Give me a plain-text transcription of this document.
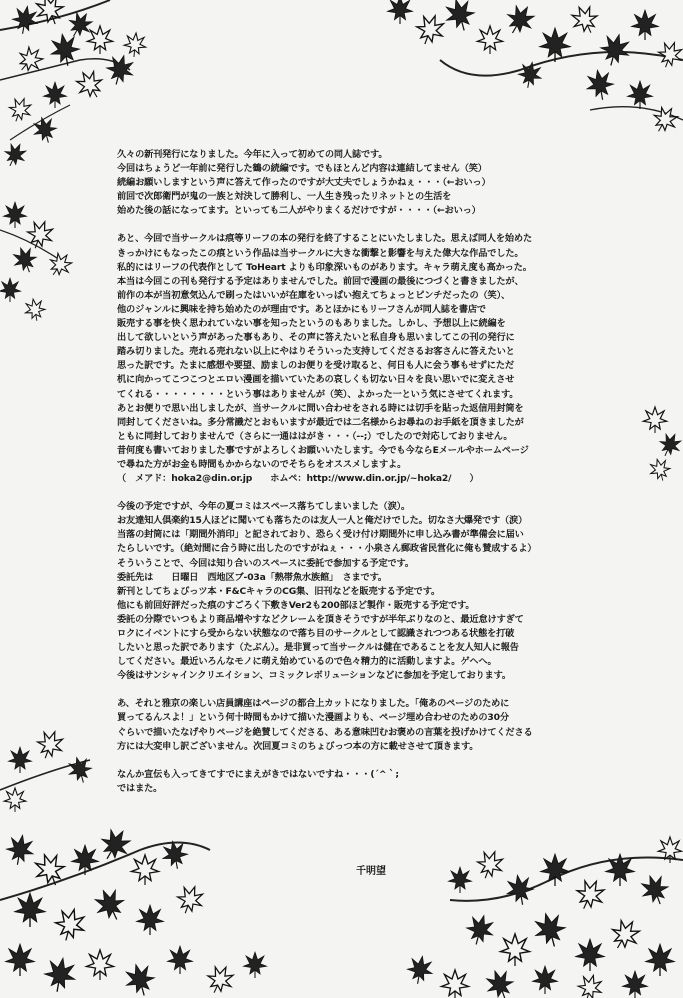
久々の新刊発行になりました。今年に入って初めての同人誌です。
今回はちょうど一年前に発行した鶴の続編です。でもほとんど内容は連結してません（笑）
続編お願いしますという声に答えて作ったのですが大丈夫でしょうかねぇ・・・（←おいっ）
前回で次郎衛門が鬼の一族と対決して勝利し、一人生き残ったリネットとの生活を
始めた後の話になってます。といっても二人がやりまくるだけですが・・・・（←おいっ）
あと、今回で当サークルは痕等リーフの本の発行を終了することにいたしました。思えば同人を始めた
きっかけにもなったこの痕という作品は当サークルに大きな衝撃と影響を与えた偉大な作品でした。
私的にはリーフの代表作として ToHeart よりも印象深いものがあります。キャラ萌え度も高かった。
本当は今回この刊も発行する予定はありませんでした。前回で漫画の最後につづくと書きましたが、
前作の本が当初意気込んで刷ったはいいが在庫をいっぱい抱えてちょっとピンチだったの（笑）、
他のジャンルに興味を持ち始めたのが理由です。あとほかにもリーフさんが同人誌を書店で
販売する事を快く思われていない事を知ったというのもありました。しかし、予想以上に続編を
出して欲しいという声があった事もあり、その声に答えたいと私自身も思いましてこの刊の発行に
踏み切りました。売れる売れない以上にやはりそういった支持してくださるお客さんに答えたいと
思った訳です。たまに感想や要望、励ましのお便りを受け取ると、何日も人に会う事もせずにただ
机に向かってこつこつとエロい漫画を描いていたあの哀しくも切ない日々を良い思いでに変えさせ
てくれる・・・・・・・・という事はありませんが（笑）、よかった一という気にさせてくれます。
あとお便りで思い出しましたが、当サークルに問い合わせをされる時には切手を貼った返信用封筒を
同封してくださいね。多分常識だとおもいますが最近では二名様からお尋ねのお手紙を頂きましたが
ともに同封しておりませんで（さらに一通ははがき・・・（--;）でしたので対応しておりません。
昔何度も書いておりました事ですがよろしくお願いいたします。今でも今ならEメールやホームページ
で尋ねた方がお金も時間もかからないのでそちらをオススメしますよ。
（　メアド：hoka2@din.or.jp　　ホムペ：http://www.din.or.jp/~hoka2/　　）
今後の予定ですが、今年の夏コミはスペース落ちてしまいました（涙）。
お友達知人倶楽約15人ほどに聞いても落ちたのは友人一人と俺だけでした。切なさ大爆発です（涙）
当落の封筒には「期間外消印」と記されており、恐らく受け付け期間外に申し込み書が準備会に届い
たらしいです。（絶対間に合う時に出したのですがねぇ・・・小泉さん郵政省民営化に俺も賛成するよ）
そういうことで、今回は知り合いのスペースに委託で参加する予定です。
委託先は　　日曜日　西地区ブ-03a「熱帯魚水族館」　さまです。
新刊としてちょびっツ本・F&CキャラのCG集、旧刊などを販売する予定です。
他にも前回好評だった痕のすごろく下敷きVer2も200部ほど製作・販売する予定です。
委託の分際でいつもより商品増やすなどクレームを頂きそうですが半年ぶりなのと、最近怠けすぎて
ロクにイベントにすら受からない状態なので落ち目のサークルとして認識されつつある状態を打破
したいと思った訳であります（たぶん）。是非買って当サークルは健在であることを友人知人に報告
してください。最近いろんなモノに萌え始めているので色々精力的に活動しますよ。ゲヘへ。
今後はサンシャインクリエイション、コミックレボリューションなどに参加を予定しております。
あ、それと雅京の楽しい店員講座はページの都合上カットになりました。「俺あのページのために
買ってるんスよ！」という何十時間もかけて描いた漫画よりも、ページ埋め合わせのための30分
ぐらいで描いたなげやりページを絶賛してくださる、ある意味凹むお褒めの言葉を投げかけてくださる
方には大変申し訳ございません。次回夏コミのちょびっつ本の方に載せさせて頂きます。
なんか宣伝も入ってきてすでにまえがきではないですね・・・(´^｀;
ではまた。
千明望
